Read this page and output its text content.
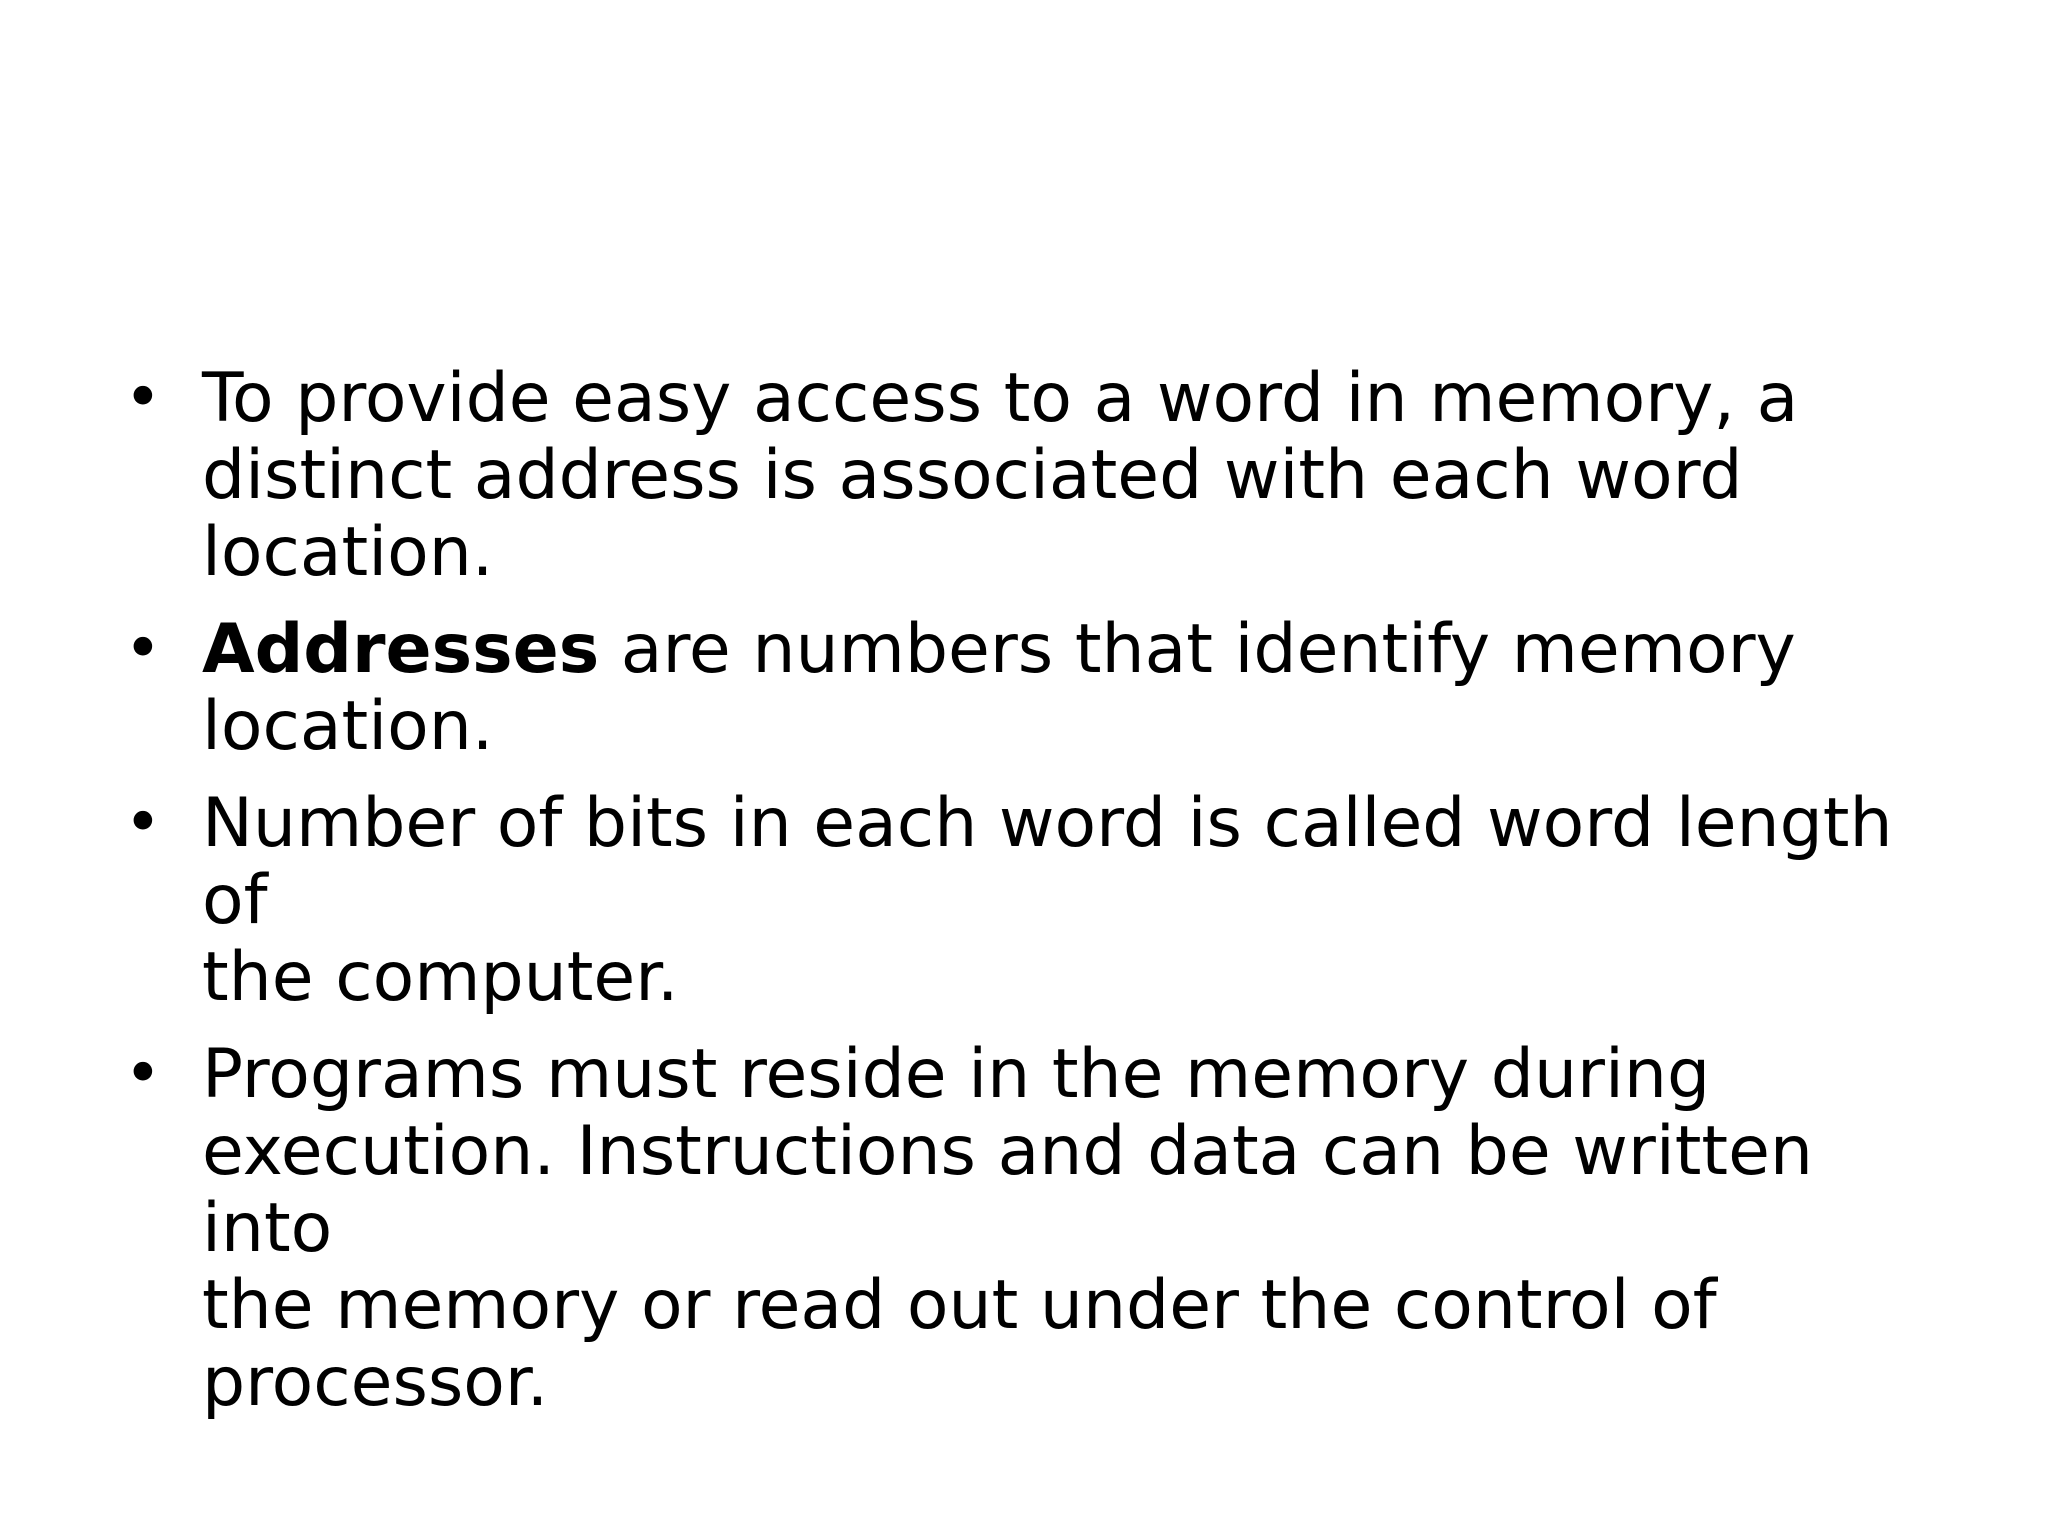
• To provide easy access to a word in memory, a
distinct address is associated with each word
location.
• Addresses are numbers that identify memory
location.
• Number of bits in each word is called word length of
the computer.
• Programs must reside in the memory during
execution. Instructions and data can be written into
the memory or read out under the control of
processor.
